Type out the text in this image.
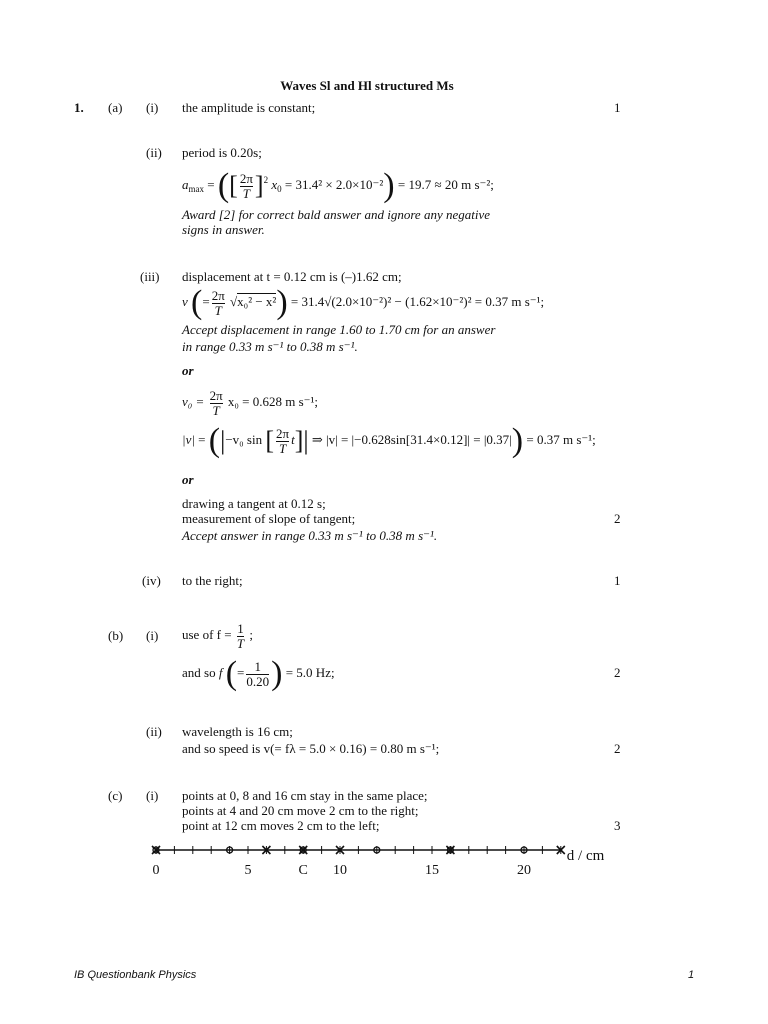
Waves Sl and Hl structured Ms
1. (a) (i) the amplitude is constant;	1
(ii) period is 0.20s;
$a_{max}$ = ([ $\frac{2\pi}{T} ]^2$ $x_0 = 31.4^2 \times 2.0\times 10^{-2}) = 19.7 \approx 20$ m s⁻²;
Award [2] for correct bald answer and ignore any negative
signs in answer.
(iii) displacement at t = 0.12 cm is (–)1.62 cm;
v (= $\frac{2\pi}{T} √x_0^2 - x^2) = 31.4√(2.0\times 10^{-2})^2 - (1.62\times 10^{-2})^2 = 0.37$ m s⁻¹;
Accept displacement in range 1.60 to 1.70 cm for an answer
in range 0.33 m s⁻¹ to 0.38 m s⁻¹.
or
$v_0 = \frac{2\pi}{T} x_0 = 0.628$ m s⁻¹;
|v| = (|−v₀ sin [ $\frac{2\pi}{T} t]|$ ⇒ |v| = |−0.628sin[31.4×0.12]| = |0.37|) = 0.37 m s⁻¹;
or
drawing a tangent at 0.12 s;
measurement of slope of tangent;	2
Accept answer in range 0.33 m s⁻¹ to 0.38 m s⁻¹.
(iv) to the right;	1
(b) (i) use of $f = \frac{1}{T}$ ;
and so f (= $\frac{1}{0.20}$ ) = 5.0 Hz;	2
(ii) wavelength is 16 cm;
and so speed is v(= fλ = 5.0 × 0.16) = 0.80 m s⁻¹;	2
(c) (i) points at 0, 8 and 16 cm stay in the same place;
points at 4 and 20 cm move 2 cm to the right;
point at 12 cm moves 2 cm to the left;	3
0	5	C 10	15	20
d / cm
IB Questionbank Physics	1
